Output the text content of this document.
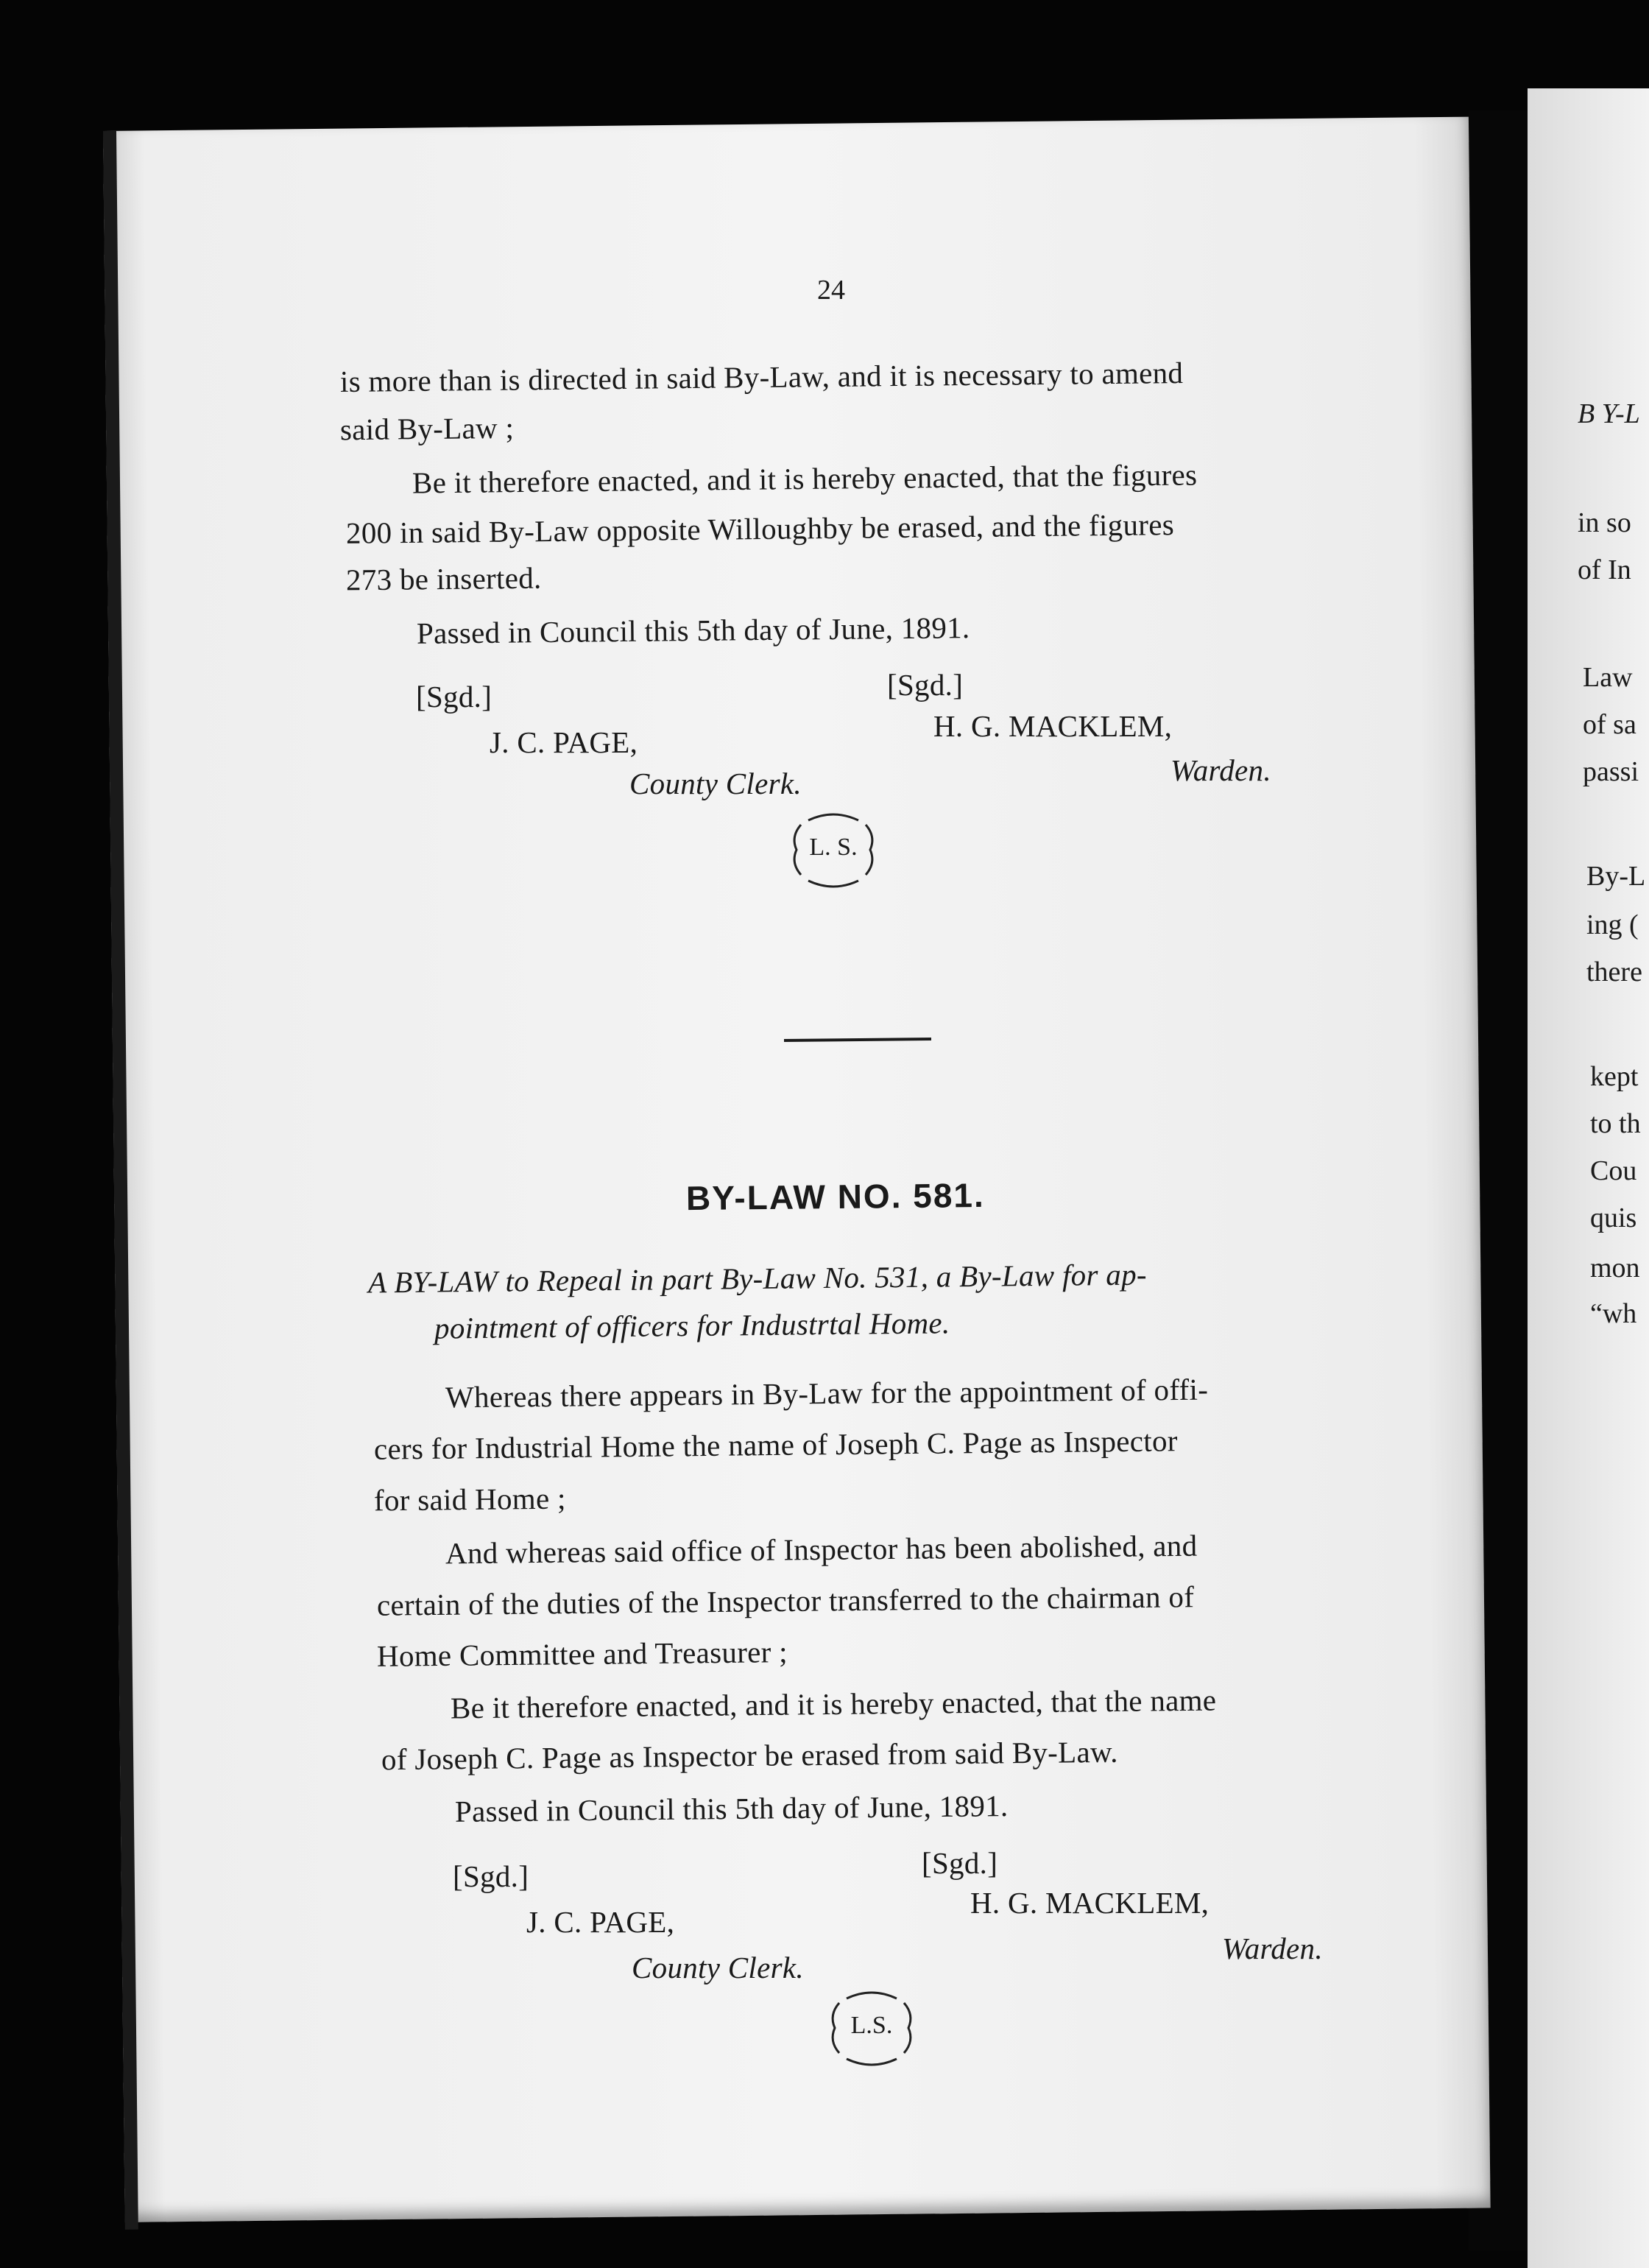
24
is more than is directed in said By-Law, and it is necessary to amend
said By-Law ;
Be it therefore enacted, and it is hereby enacted, that the figures
200 in said By-Law opposite Willoughby be erased, and the figures
273 be inserted.
Passed in Council this 5th day of June, 1891.
[Sgd.]
J. C. PAGE,
County Clerk.
[Sgd.]
H. G. MACKLEM,
Warden.
L. S.
BY-LAW NO. 581.
A BY-LAW to Repeal in part By-Law No. 531, a By-Law for ap-
pointment of officers for Industrtal Home.
Whereas there appears in By-Law for the appointment of offi-
cers for Industrial Home the name of Joseph C. Page as Inspector
for said Home ;
And whereas said office of Inspector has been abolished, and
certain of the duties of the Inspector transferred to the chairman of
Home Committee and Treasurer ;
Be it therefore enacted, and it is hereby enacted, that the name
of Joseph C. Page as Inspector be erased from said By-Law.
Passed in Council this 5th day of June, 1891.
[Sgd.]
J. C. PAGE,
County Clerk.
[Sgd.]
H. G. MACKLEM,
Warden.
L.S.
B Y-L
in so
of In
Law
of sa
passi
By-L
ing (
there
kept
to th
Cou
quis
mon
“wh
